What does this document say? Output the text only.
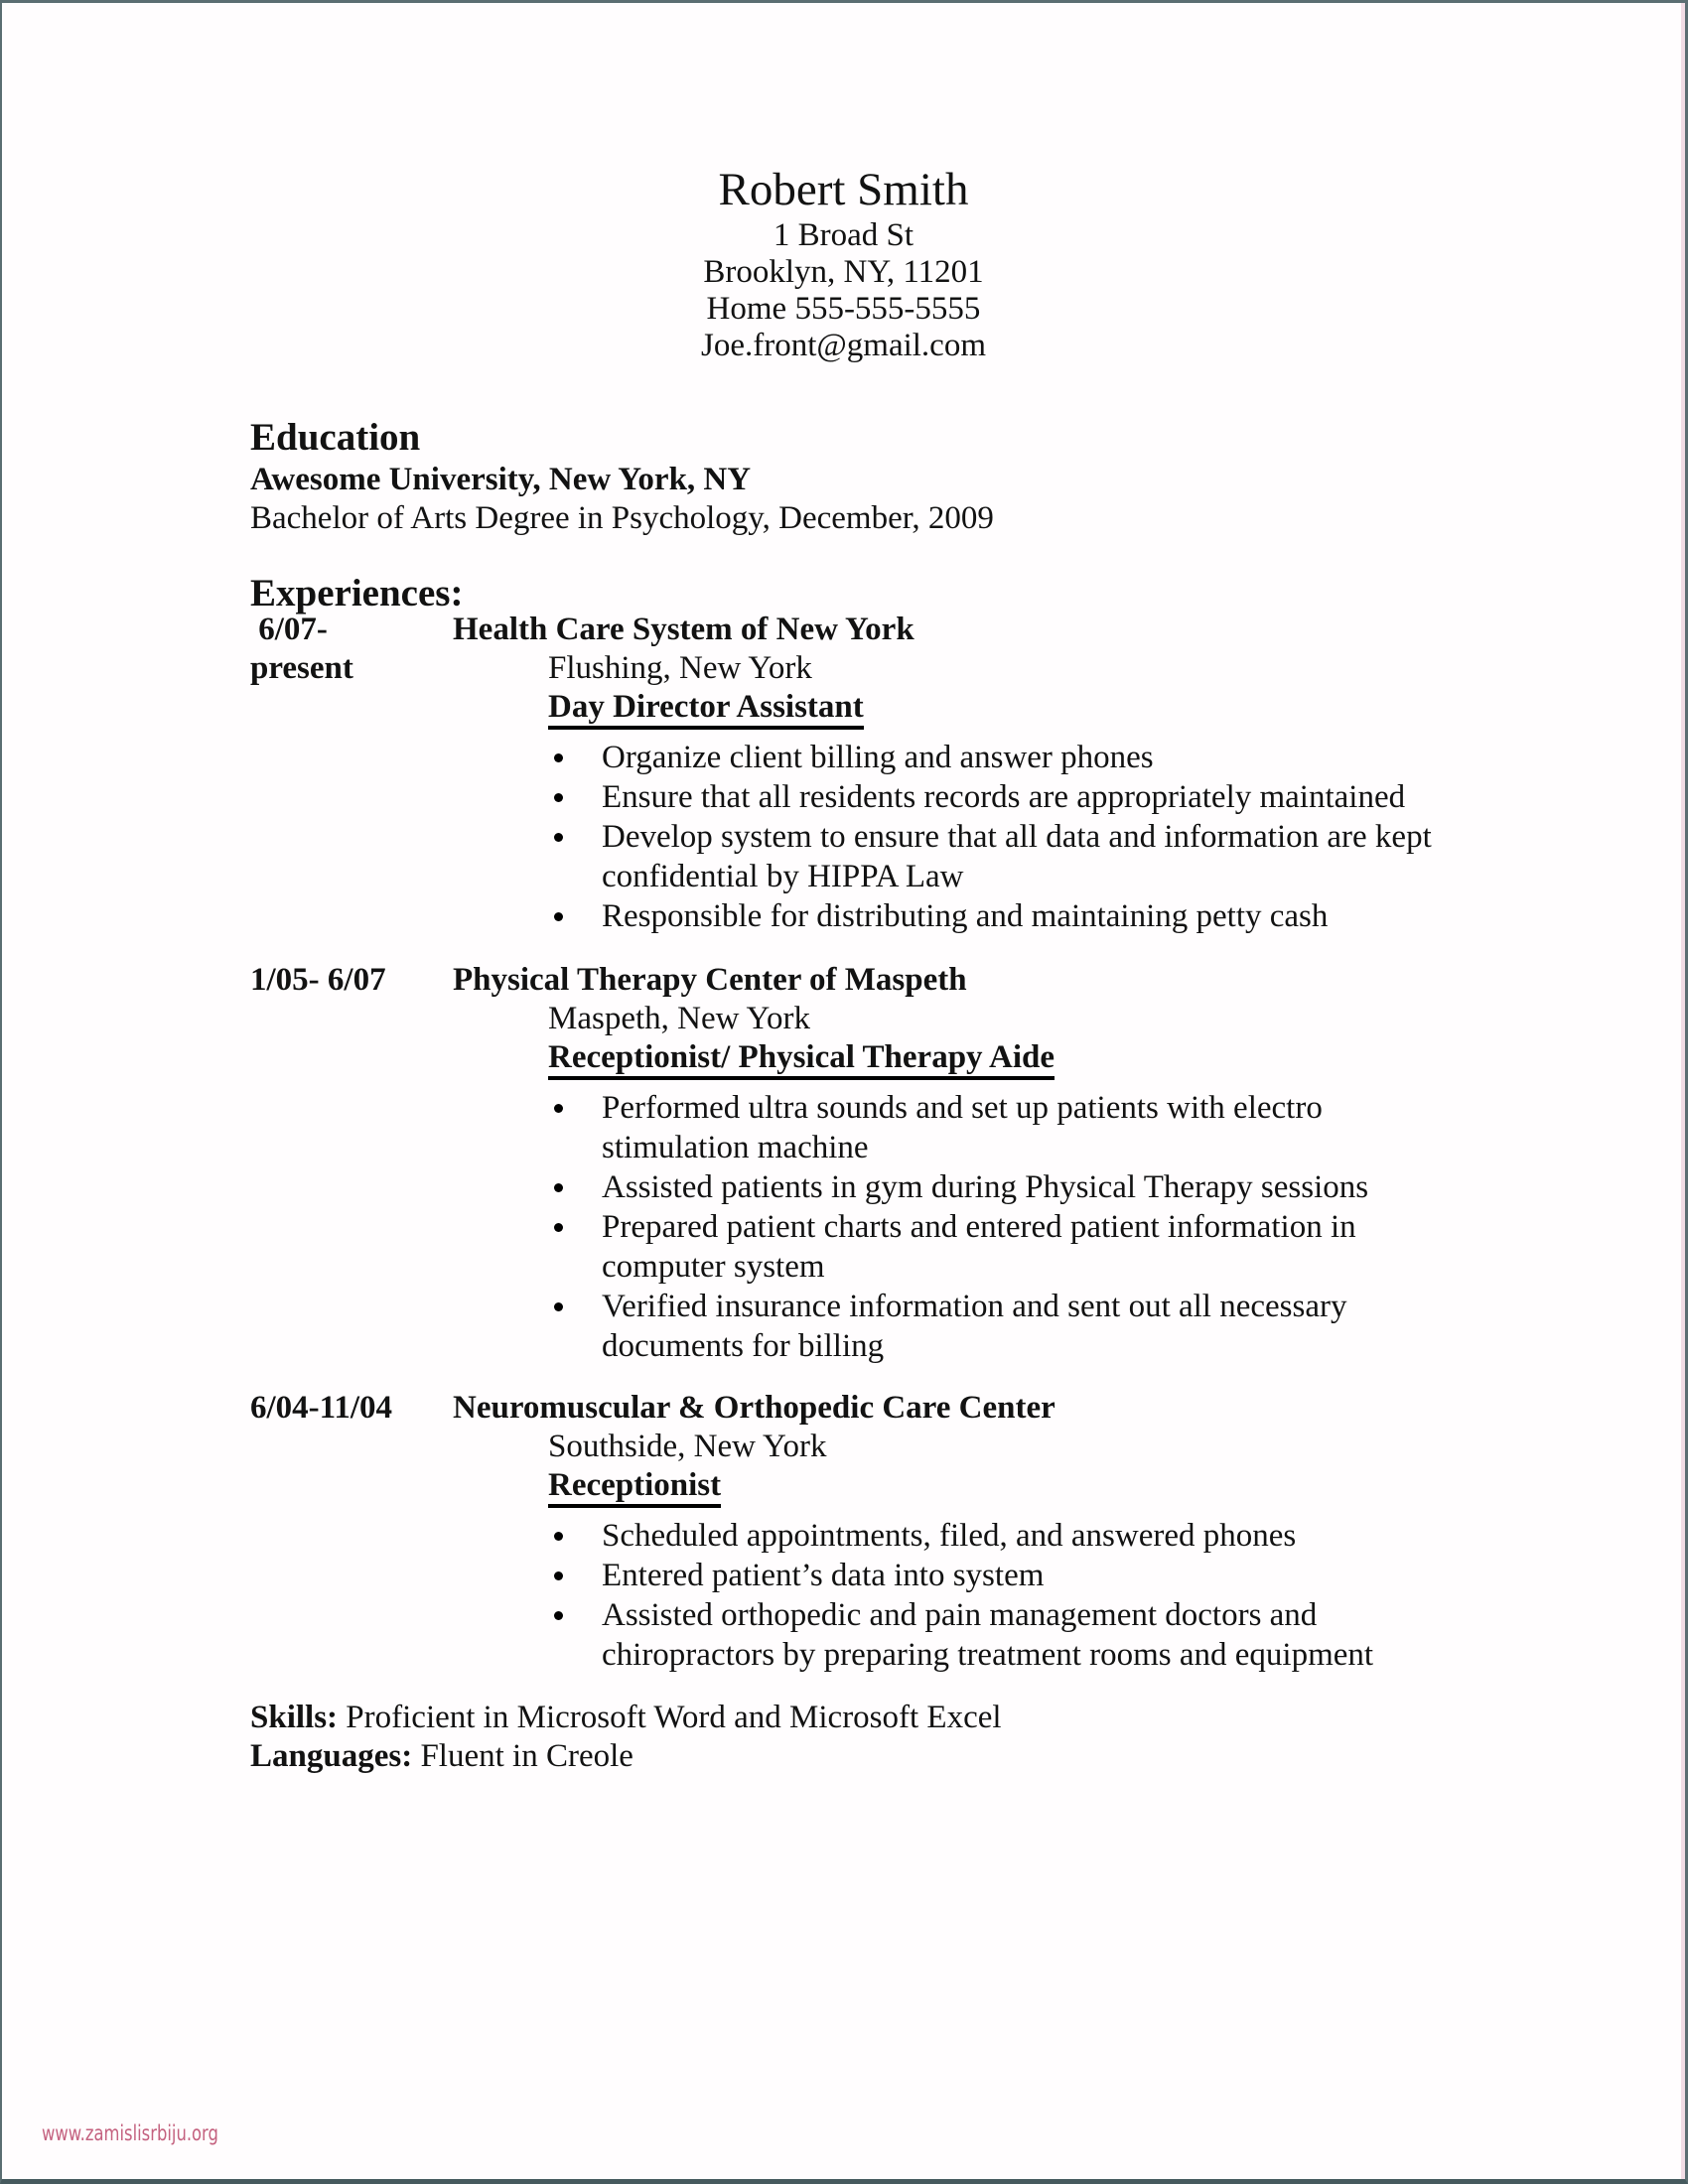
Robert Smith
1 Broad St
Brooklyn, NY, 11201
Home 555-555-5555
Joe.front@gmail.com
Education
Awesome University, New York, NY
Bachelor of Arts Degree in Psychology, December, 2009
Experiences:
6/07-
present
Health Care System of New York
Flushing, New York
Day Director Assistant
Organize client billing and answer phones
Ensure that all residents records are appropriately maintained
Develop system to ensure that all data and information are kept
confidential by HIPPA Law
Responsible for distributing and maintaining petty cash
1/05- 6/07	Physical Therapy Center of Maspeth
Maspeth, New York
Receptionist/ Physical Therapy Aide
Performed ultra sounds and set up patients with electro
stimulation machine
Assisted patients in gym during Physical Therapy sessions
Prepared patient charts and entered patient information in
computer system
Verified insurance information and sent out all necessary
documents for billing
6/04-11/04	Neuromuscular & Orthopedic Care Center
Southside, New York
Receptionist
Scheduled appointments, filed, and answered phones
Entered patient’s data into system
Assisted orthopedic and pain management doctors and
chiropractors by preparing treatment rooms and equipment
Skills: Proficient in Microsoft Word and Microsoft Excel
Languages: Fluent in Creole
www.zamislisrbiju.org
